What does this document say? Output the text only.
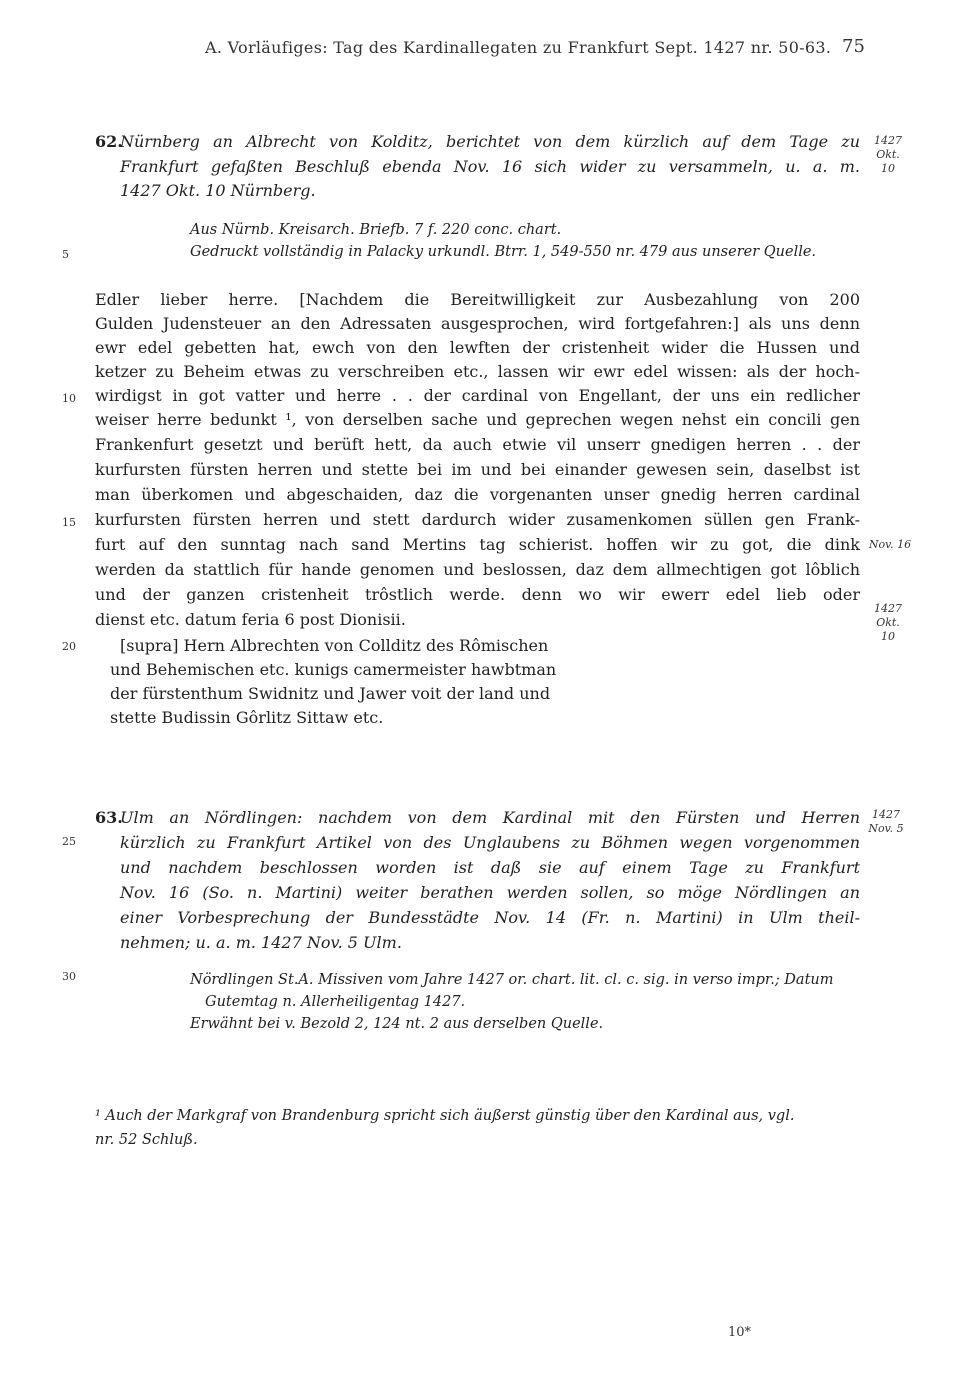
A. Vorläufiges: Tag des Kardinallegaten zu Frankfurt Sept. 1427 nr. 50-63. 75
5
10
15
20
25
30
62.
Nürnberg an Albrecht von Kolditz, berichtet von dem kürzlich auf dem Tage zu
Frankfurt gefaßten Beschluß ebenda Nov. 16 sich wider zu versammeln, u. a. m.
1427 Okt. 10 Nürnberg.
1427 Okt. 10
Aus Nürnb. Kreisarch. Briefb. 7 f. 220 conc. chart.
Gedruckt vollständig in Palacky urkundl. Btrr. 1, 549-550 nr. 479 aus unserer Quelle.
Edler lieber herre. [Nachdem die Bereitwilligkeit zur Ausbezahlung von 200
Gulden Judensteuer an den Adressaten ausgesprochen, wird fortgefahren:] als uns denn
ewr edel gebetten hat, ewch von den lewften der cristenheit wider die Hussen und
ketzer zu Beheim etwas zu verschreiben etc., lassen wir ewr edel wissen: als der hoch-
wirdigst in got vatter und herre . . der cardinal von Engellant, der uns ein redlicher
weiser herre bedunkt ¹, von derselben sache und geprechen wegen nehst ein concili gen
Frankenfurt gesetzt und berüft hett, da auch etwie vil unserr gnedigen herren . . der
kurfursten fürsten herren und stette bei im und bei einander gewesen sein, daselbst ist
man überkomen und abgeschaiden, daz die vorgenanten unser gnedig herren cardinal
kurfursten fürsten herren und stett dardurch wider zusamenkomen süllen gen Frank-
furt auf den sunntag nach sand Mertins tag schierist. hoffen wir zu got, die dink
werden da stattlich für hande genomen und beslossen, daz dem allmechtigen got lôblich
und der ganzen cristenheit trôstlich werde. denn wo wir ewerr edel lieb oder
dienst etc. datum feria 6 post Dionisii.
Nov. 16
1427 Okt. 10
[supra] Hern Albrechten von Collditz des Rômischen
und Behemischen etc. kunigs camermeister hawbtman
der fürstenthum Swidnitz und Jawer voit der land und
stette Budissin Gôrlitz Sittaw etc.
63.
Ulm an Nördlingen: nachdem von dem Kardinal mit den Fürsten und Herren
kürzlich zu Frankfurt Artikel von des Unglaubens zu Böhmen wegen vorgenommen
und nachdem beschlossen worden ist daß sie auf einem Tage zu Frankfurt
Nov. 16 (So. n. Martini) weiter berathen werden sollen, so möge Nördlingen an
einer Vorbesprechung der Bundesstädte Nov. 14 (Fr. n. Martini) in Ulm theil-
nehmen; u. a. m. 1427 Nov. 5 Ulm.
1427 Nov. 5
Nördlingen St.A. Missiven vom Jahre 1427 or. chart. lit. cl. c. sig. in verso impr.; Datum
Gutemtag n. Allerheiligentag 1427.
Erwähnt bei v. Bezold 2, 124 nt. 2 aus derselben Quelle.
¹ Auch der Markgraf von Brandenburg spricht sich äußerst günstig über den Kardinal aus, vgl.
nr. 52 Schluß.
10*
